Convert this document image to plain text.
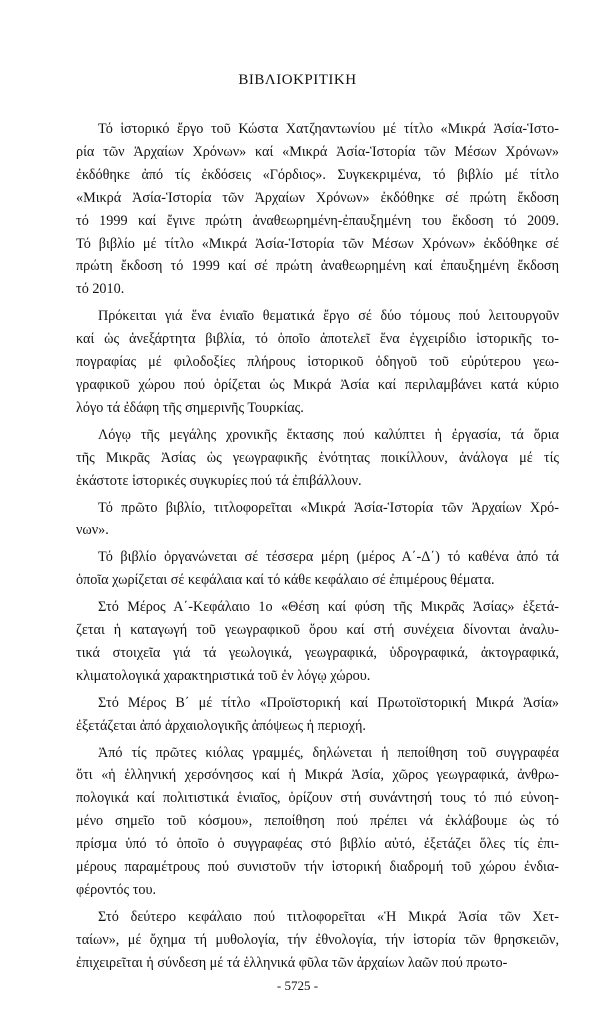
ΒΙΒΛΙΟΚΡΙΤΙΚΗ
Τό ἱστορικό ἔργο τοῦ Κώστα Χατζηαντωνίου μέ τίτλο «Μικρά Ἀσία-Ἱστο-
ρία τῶν Ἀρχαίων Χρόνων» καί «Μικρά Ἀσία-Ἱστορία τῶν Μέσων Χρόνων»
ἐκδόθηκε ἀπό τίς ἐκδόσεις «Γόρδιος». Συγκεκριμένα, τό βιβλίο μέ τίτλο
«Μικρά Ἀσία-Ἱστορία τῶν Ἀρχαίων Χρόνων» ἐκδόθηκε σέ πρώτη ἔκδοση
τό 1999 καί ἔγινε πρώτη ἀναθεωρημένη-ἐπαυξημένη του ἔκδοση τό 2009.
Τό βιβλίο μέ τίτλο «Μικρά Ἀσία-Ἱστορία τῶν Μέσων Χρόνων» ἐκδόθηκε σέ
πρώτη ἔκδοση τό 1999 καί σέ πρώτη ἀναθεωρημένη καί ἐπαυξημένη ἔκδοση
τό 2010.
Πρόκειται γιά ἕνα ἑνιαῖο θεματικά ἔργο σέ δύο τόμους πού λειτουργοῦν
καί ὡς ἀνεξάρτητα βιβλία, τό ὁποῖο ἀποτελεῖ ἕνα ἐγχειρίδιο ἱστορικῆς το-
πογραφίας μέ φιλοδοξίες πλήρους ἱστορικοῦ ὁδηγοῦ τοῦ εὐρύτερου γεω-
γραφικοῦ χώρου πού ὁρίζεται ὡς Μικρά Ἀσία καί περιλαμβάνει κατά κύριο
λόγο τά ἐδάφη τῆς σημερινῆς Τουρκίας.
Λόγῳ τῆς μεγάλης χρονικῆς ἔκτασης πού καλύπτει ἡ ἐργασία, τά ὅρια
τῆς Μικρᾶς Ἀσίας ὡς γεωγραφικῆς ἑνότητας ποικίλλουν, ἀνάλογα μέ τίς
ἑκάστοτε ἱστορικές συγκυρίες πού τά ἐπιβάλλουν.
Τό πρῶτο βιβλίο, τιτλοφορεῖται «Μικρά Ἀσία-Ἱστορία τῶν Ἀρχαίων Χρό-
νων».
Τό βιβλίο ὀργανώνεται σέ τέσσερα μέρη (μέρος Α΄-Δ΄) τό καθένα ἀπό τά
ὁποῖα χωρίζεται σέ κεφάλαια καί τό κάθε κεφάλαιο σέ ἐπιμέρους θέματα.
Στό Μέρος Α΄-Κεφάλαιο 1ο «Θέση καί φύση τῆς Μικρᾶς Ἀσίας» ἐξετά-
ζεται ἡ καταγωγή τοῦ γεωγραφικοῦ ὅρου καί στή συνέχεια δίνονται ἀναλυ-
τικά στοιχεῖα γιά τά γεωλογικά, γεωγραφικά, ὑδρογραφικά, ἀκτογραφικά,
κλιματολογικά χαρακτηριστικά τοῦ ἐν λόγῳ χώρου.
Στό Μέρος Β΄ μέ τίτλο «Προϊστορική καί Πρωτοϊστορική Μικρά Ἀσία»
ἐξετάζεται ἀπό ἀρχαιολογικῆς ἀπόψεως ἡ περιοχή.
Ἀπό τίς πρῶτες κιόλας γραμμές, δηλώνεται ἡ πεποίθηση τοῦ συγγραφέα
ὅτι «ἡ ἑλληνική χερσόνησος καί ἡ Μικρά Ἀσία, χῶρος γεωγραφικά, ἀνθρω-
πολογικά καί πολιτιστικά ἑνιαῖος, ὁρίζουν στή συνάντησή τους τό πιό εὐνοη-
μένο σημεῖο τοῦ κόσμου», πεποίθηση πού πρέπει νά ἐκλάβουμε ὡς τό
πρίσμα ὑπό τό ὁποῖο ὁ συγγραφέας στό βιβλίο αὐτό, ἐξετάζει ὅλες τίς ἐπι-
μέρους παραμέτρους πού συνιστοῦν τήν ἱστορική διαδρομή τοῦ χώρου ἐνδια-
φέροντός του.
Στό δεύτερο κεφάλαιο πού τιτλοφορεῖται «Ἡ Μικρά Ἀσία τῶν Χετ-
ταίων», μέ ὄχημα τή μυθολογία, τήν ἐθνολογία, τήν ἱστορία τῶν θρησκειῶν,
ἐπιχειρεῖται ἡ σύνδεση μέ τά ἑλληνικά φῦλα τῶν ἀρχαίων λαῶν πού πρωτο-
- 5725 -
